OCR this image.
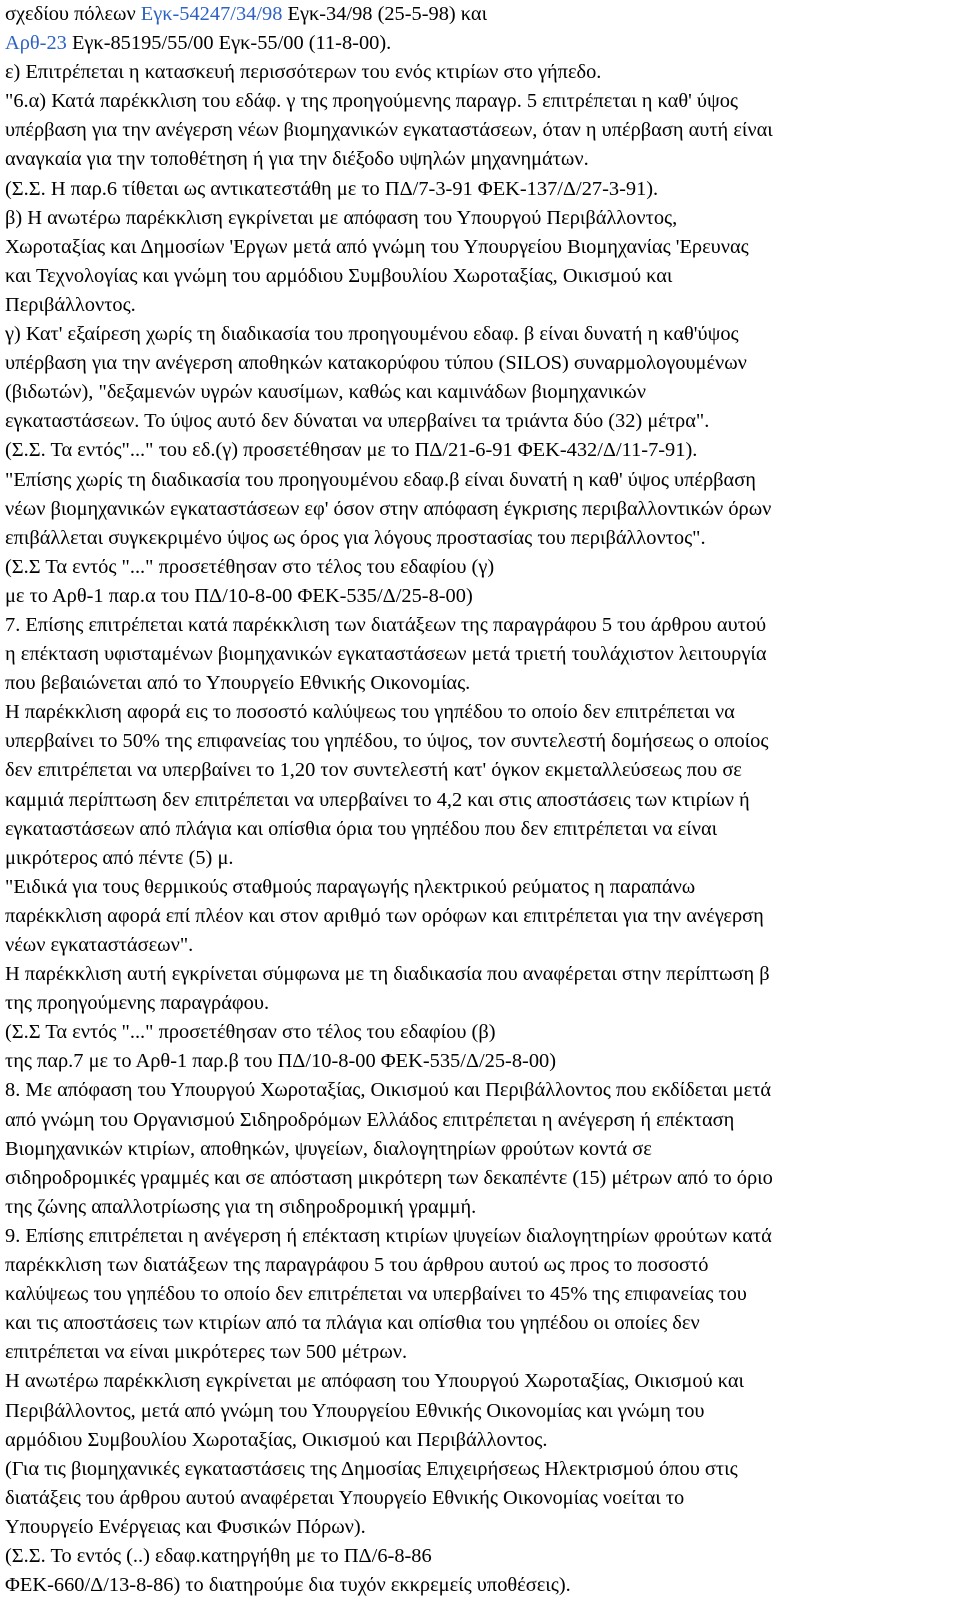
σχεδίου πόλεων Εγκ-54247/34/98 Εγκ-34/98 (25-5-98) και
Αρθ-23 Εγκ-85195/55/00 Εγκ-55/00 (11-8-00).
ε) Επιτρέπεται η κατασκευή περισσότερων του ενός κτιρίων στο γήπεδο.
"6.α) Κατά παρέκκλιση του εδάφ. γ της προηγούμενης παραγρ. 5 επιτρέπεται η καθ' ύψος
υπέρβαση για την ανέγερση νέων βιομηχανικών εγκαταστάσεων, όταν η υπέρβαση αυτή είναι
αναγκαία για την τοποθέτηση ή για την διέξοδο υψηλών μηχανημάτων.
(Σ.Σ. Η παρ.6 τίθεται ως αντικατεστάθη με το ΠΔ/7-3-91 ΦΕΚ-137/Δ/27-3-91).
β) Η ανωτέρω παρέκκλιση εγκρίνεται με απόφαση του Υπουργού Περιβάλλοντος,
Χωροταξίας και Δημοσίων 'Εργων μετά από γνώμη του Υπουργείου Βιομηχανίας 'Ερευνας
και Τεχνολογίας και γνώμη του αρμόδιου Συμβουλίου Χωροταξίας, Οικισμού και
Περιβάλλοντος.
γ) Κατ' εξαίρεση χωρίς τη διαδικασία του προηγουμένου εδαφ. β είναι δυνατή η καθ'ύψος
υπέρβαση για την ανέγερση αποθηκών κατακορύφου τύπου (SILOS) συναρμολογουμένων
(βιδωτών), "δεξαμενών υγρών καυσίμων, καθώς και καμινάδων βιομηχανικών
εγκαταστάσεων. Το ύψος αυτό δεν δύναται να υπερβαίνει τα τριάντα δύο (32) μέτρα".
(Σ.Σ. Τα εντός"..." του εδ.(γ) προσετέθησαν με το ΠΔ/21-6-91 ΦΕΚ-432/Δ/11-7-91).
"Επίσης χωρίς τη διαδικασία του προηγουμένου εδαφ.β είναι δυνατή η καθ' ύψος υπέρβαση
νέων βιομηχανικών εγκαταστάσεων εφ' όσον στην απόφαση έγκρισης περιβαλλοντικών όρων
επιβάλλεται συγκεκριμένο ύψος ως όρος για λόγους προστασίας του περιβάλλοντος".
(Σ.Σ Τα εντός "..." προσετέθησαν στο τέλος του εδαφίου (γ)
με το Αρθ-1 παρ.α του ΠΔ/10-8-00 ΦΕΚ-535/Δ/25-8-00)
7. Επίσης επιτρέπεται κατά παρέκκλιση των διατάξεων της παραγράφου 5 του άρθρου αυτού
η επέκταση υφισταμένων βιομηχανικών εγκαταστάσεων μετά τριετή τουλάχιστον λειτουργία
που βεβαιώνεται από το Υπουργείο Εθνικής Οικονομίας.
Η παρέκκλιση αφορά εις το ποσοστό καλύψεως του γηπέδου το οποίο δεν επιτρέπεται να
υπερβαίνει το 50% της επιφανείας του γηπέδου, το ύψος, τον συντελεστή δομήσεως ο οποίος
δεν επιτρέπεται να υπερβαίνει το 1,20 τον συντελεστή κατ' όγκον εκμεταλλεύσεως που σε
καμμιά περίπτωση δεν επιτρέπεται να υπερβαίνει το 4,2 και στις αποστάσεις των κτιρίων ή
εγκαταστάσεων από πλάγια και οπίσθια όρια του γηπέδου που δεν επιτρέπεται να είναι
μικρότερος από πέντε (5) μ.
"Ειδικά για τους θερμικούς σταθμούς παραγωγής ηλεκτρικού ρεύματος η παραπάνω
παρέκκλιση αφορά επί πλέον και στον αριθμό των ορόφων και επιτρέπεται για την ανέγερση
νέων εγκαταστάσεων".
Η παρέκκλιση αυτή εγκρίνεται σύμφωνα με τη διαδικασία που αναφέρεται στην περίπτωση β
της προηγούμενης παραγράφου.
(Σ.Σ Τα εντός "..." προσετέθησαν στο τέλος του εδαφίου (β)
της παρ.7 με το Αρθ-1 παρ.β του ΠΔ/10-8-00 ΦΕΚ-535/Δ/25-8-00)
8. Με απόφαση του Υπουργού Χωροταξίας, Οικισμού και Περιβάλλοντος που εκδίδεται μετά
από γνώμη του Οργανισμού Σιδηροδρόμων Ελλάδος επιτρέπεται η ανέγερση ή επέκταση
Βιομηχανικών κτιρίων, αποθηκών, ψυγείων, διαλογητηρίων φρούτων κοντά σε
σιδηροδρομικές γραμμές και σε απόσταση μικρότερη των δεκαπέντε (15) μέτρων από το όριο
της ζώνης απαλλοτρίωσης για τη σιδηροδρομική γραμμή.
9. Επίσης επιτρέπεται η ανέγερση ή επέκταση κτιρίων ψυγείων διαλογητηρίων φρούτων κατά
παρέκκλιση των διατάξεων της παραγράφου 5 του άρθρου αυτού ως προς το ποσοστό
καλύψεως του γηπέδου το οποίο δεν επιτρέπεται να υπερβαίνει το 45% της επιφανείας του
και τις αποστάσεις των κτιρίων από τα πλάγια και οπίσθια του γηπέδου οι οποίες δεν
επιτρέπεται να είναι μικρότερες των 500 μέτρων.
Η ανωτέρω παρέκκλιση εγκρίνεται με απόφαση του Υπουργού Χωροταξίας, Οικισμού και
Περιβάλλοντος, μετά από γνώμη του Υπουργείου Εθνικής Οικονομίας και γνώμη του
αρμόδιου Συμβουλίου Χωροταξίας, Οικισμού και Περιβάλλοντος.
(Για τις βιομηχανικές εγκαταστάσεις της Δημοσίας Επιχειρήσεως Ηλεκτρισμού όπου στις
διατάξεις του άρθρου αυτού αναφέρεται Υπουργείο Εθνικής Οικονομίας νοείται το
Υπουργείο Ενέργειας και Φυσικών Πόρων).
(Σ.Σ. Το εντός (..) εδαφ.κατηργήθη με το ΠΔ/6-8-86
ΦΕΚ-660/Δ/13-8-86) το διατηρούμε δια τυχόν εκκρεμείς υποθέσεις).
